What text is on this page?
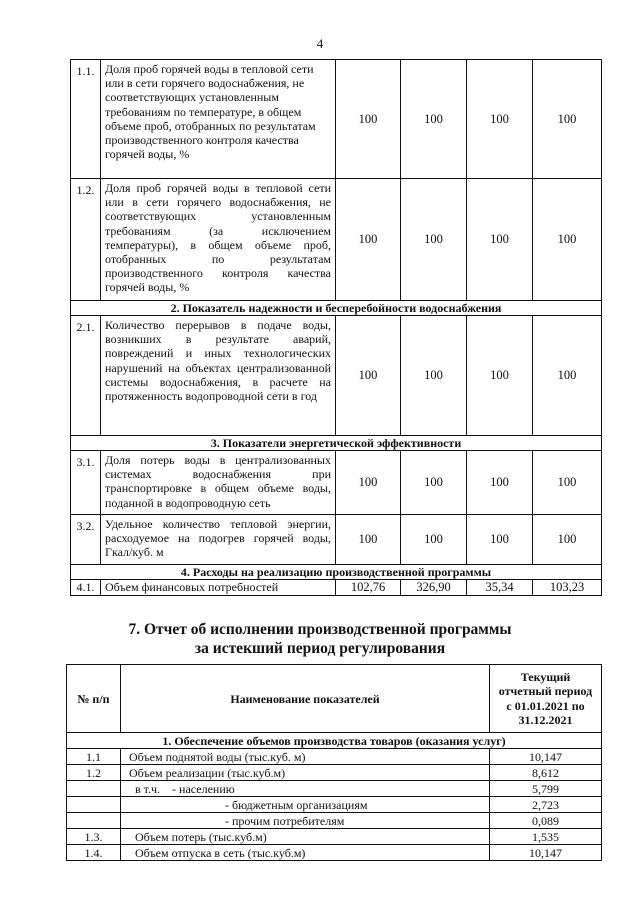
4
1.1.	Доля проб горячей воды в тепловой сети или в сети горячего водоснабжения, не соответствующих установленным требованиям по температуре, в общем объеме проб, отобранных по результатам производственного контроля качества горячей воды, %	100	100	100	100
1.2.	Доля проб горячей воды в тепловой сети или в сети горячего водоснабжения, не соответствующих установленным требованиям (за исключением температуры), в общем объеме проб, отобранных по результатам производственного контроля качества горячей воды, %	100	100	100	100
2. Показатель надежности и бесперебойности водоснабжения					
2.1.	Количество перерывов в подаче воды, возникших в результате аварий, повреждений и иных технологических нарушений на объектах централизованной системы водоснабжения, в расчете на протяженность водопроводной сети в год	100	100	100	100
3. Показатели энергетической эффективности					
3.1.	Доля потерь воды в централизованных системах водоснабжения при транспортировке в общем объеме воды, поданной в водопроводную сеть	100	100	100	100
3.2.	Удельное количество тепловой энергии, расходуемое на подогрев горячей воды, Гкал/куб. м	100	100	100	100
4. Расходы на реализацию производственной программы					
4.1.	Объем финансовых потребностей	102,76	326,90	35,34	103,23
7. Отчет об исполнении производственной программы
за истекший период регулирования
№ п/п	Наименование показателей	Текущий
отчетный период
с 01.01.2021 по
31.12.2021

1. Обеспечение объемов производства товаров (оказания услуг)		
1.1	Объем поднятой воды (тыс.куб. м)	10,147
1.2	Объем реализации (тыс.куб.м)	8,612
	в т.ч.    - населению	5,799
	- бюджетным организациям	2,723
	- прочим потребителям	0,089
1.3.	Объем потерь (тыс.куб.м)	1,535
1.4.	Объем отпуска в сеть (тыс.куб.м)	10,147
